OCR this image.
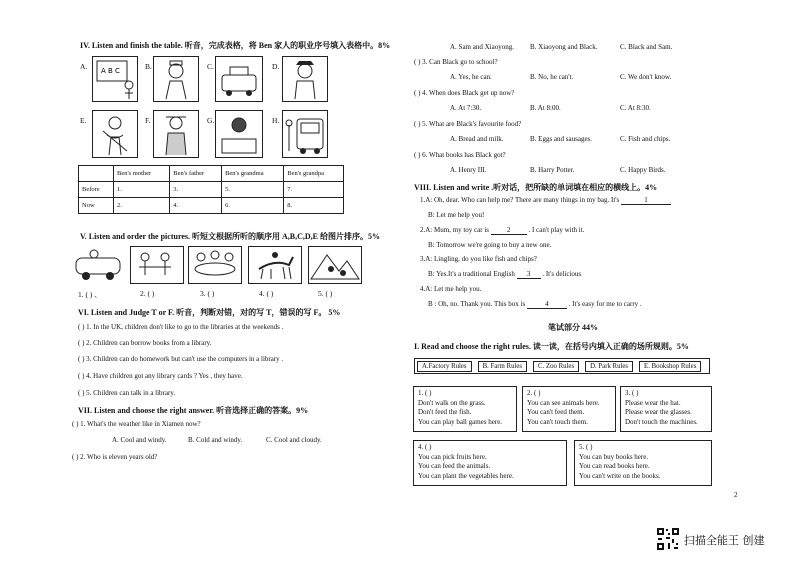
IV. Listen and finish the table. 听音，完成表格，将 Ben 家人的职业序号填入表格中。8%
A. A B C	B.	C.	D.
E.	F.	G.	H.
	Ben's mother	Ben's father	Ben's grandma	Ben's grandpa
Before	1.	3.	5.	7.
Now	2.	4.	6.	8.
V. Listen and order the pictures. 听短文根据所听的顺序用 A,B,C,D,E 给图片排序。5%
1. ( ) 、	2. ( )	3. ( )	4. ( )	5. ( )
VI. Listen and Judge T or F. 听音，判断对错，对的写 T，错误的写 F。 5%
( ) 1. In the UK, children don't like to go to the libraries at the weekends .
( ) 2. Children can borrow books from a library.
( ) 3. Children can do homework but can't use the computers in a library .
( ) 4. Have children got any library cards ? Yes , they have.
( ) 5. Children can talk in a library.
VII. Listen and choose the right answer. 听音选择正确的答案。9%
( ) 1. What's the weather like in Xiamen now?
A. Cool and windy.	B. Cold and windy.	C. Cool and cloudy.
( ) 2. Who is eleven years old?
A. Sam and Xiaoyong. B. Xiaoyong and Black.	C. Black and Sam.
( ) 3. Can Black go to school?
A. Yes, he can.	B. No, he can't.	C. We don't know.
( ) 4. When does Black get up now?
A. At 7:30.	B. At 8:00.	C. At 8:30.
( ) 5. What are Black's favourite food?
A. Bread and milk.	B. Eggs and sausages.	C. Fish and chips.
( ) 6. What books has Black got?
A. Henry III.	B. Harry Potter.	C. Happy Birds.
VIII. Listen and write .听对话，把所缺的单词填在相应的横线上。4%
1.A: Oh, dear. Who can help me? There are many things in my bag. It's	1
B: Let me help you!
2.A: Mum, my toy car is	2	. I can't play with it.
B: Tomorrow we're going to buy a new one.
3.A: Lingling, do you like fish and chips?
B: Yes.It's a traditional English 3 . It's delicious
4.A: Let me help you.
B : Oh, no. Thank you. This box is	4	. It's easy for me to carry .
笔试部分 44%
I. Read and choose the right rules. 读一读，在括号内填入正确的场所规则。5%
A.Factory Rules	B. Farm Rules	C. Zoo Rules	D. Park Rules	E. Bookshop Rules
1. ( )
Don't walk on the grass.
Don't feed the fish.
You can play ball games here.
2. ( )
You can see animals here.
You can't feed them.
You can't touch them.
3. ( )
Please wear the hat.
Please wear the glasses.
Don't touch the machines.
4. ( )
You can pick fruits here.
You can feed the animals.
You can plant the vegetables here.
5. ( )
You can buy books here.
You can read books here.
You can't write on the books.
2
扫描全能王 创建
